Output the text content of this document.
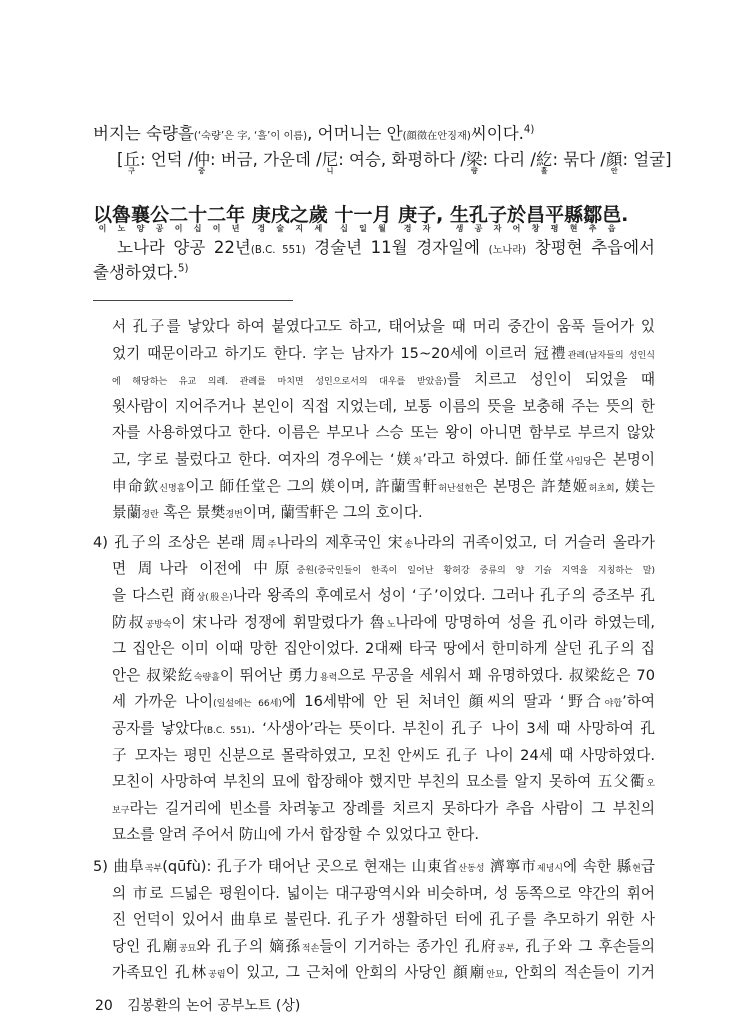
버지는 숙량흘(‘숙량’은 字, ‘흘’이 이름), 어머니는 안(顔徵在안징재)씨이다.$^{4)}$
[丘구: 언덕 /仲중: 버금, 가운데 /尼니: 여승, 화평하다 /梁량: 다리 /紇흘: 묶다 /顔안: 얼굴]
以이魯노襄양公공二이十십二이年년 庚경戌술之지歲세 十십一일月월 庚경子자, 生생孔공子자於어昌창平평縣현鄒추邑읍.
노나라 양공 22년(B.C. 551) 경술년 11월 경자일에 (노나라) 창평현 추읍에서
출생하였다.$^{5)}$
서 孔子를 낳았다 하여 붙였다고도 하고, 태어났을 때 머리 중간이 움푹 들어가 있
었기 때문이라고 하기도 한다. 字는 남자가 15~20세에 이르러 冠禮관례(남자들의 성인식
에 해당하는 유교 의례. 관례를 마치면 성인으로서의 대우를 받았음)를 치르고 성인이 되었을 때
윗사람이 지어주거나 본인이 직접 지었는데, 보통 이름의 뜻을 보충해 주는 뜻의 한
자를 사용하였다고 한다. 이름은 부모나 스승 또는 왕이 아니면 함부로 부르지 않았
고, 字로 불렀다고 한다. 여자의 경우에는 ‘媄차’라고 하였다. 師任堂사임당은 본명이
申命欽신명흠이고 師任堂은 그의 媄이며, 許蘭雪軒허난설헌은 본명은 許楚姬허초희, 媄는
景蘭경란 혹은 景樊경번이며, 蘭雪軒은 그의 호이다.
4) 孔子의 조상은 본래 周주나라의 제후국인 宋송나라의 귀족이었고, 더 거슬러 올라가
면 周나라 이전에 中原중원(중국인들이 한족이 일어난 황허강 중류의 양 기슭 지역을 지칭하는 말)
을 다스린 商상(殷은)나라 왕족의 후예로서 성이 ‘子’이었다. 그러나 孔子의 증조부 孔
防叔공방숙이 宋나라 정쟁에 휘말렸다가 魯노나라에 망명하여 성을 孔이라 하였는데,
그 집안은 이미 이때 망한 집안이었다. 2대째 타국 땅에서 한미하게 살던 孔子의 집
안은 叔梁紇숙량흘이 뛰어난 勇力용력으로 무공을 세워서 꽤 유명하였다. 叔梁紇은 70
세 가까운 나이(일설에는 66세)에 16세밖에 안 된 처녀인 顔씨의 딸과 ‘野合야합’하여
공자를 낳았다(B.C. 551). ‘사생아’라는 뜻이다. 부친이 孔子 나이 3세 때 사망하여 孔
子 모자는 평민 신분으로 몰락하였고, 모친 안씨도 孔子 나이 24세 때 사망하였다.
모친이 사망하여 부친의 묘에 합장해야 했지만 부친의 묘소를 알지 못하여 五父衢오
보구라는 길거리에 빈소를 차려놓고 장례를 치르지 못하다가 추읍 사람이 그 부친의
묘소를 알려 주어서 防山에 가서 합장할 수 있었다고 한다.
5) 曲阜곡부(qūfù): 孔子가 태어난 곳으로 현재는 山東省산동성 濟寧市제녕시에 속한 縣현급
의 市로 드넓은 평원이다. 넓이는 대구광역시와 비슷하며, 성 동쪽으로 약간의 휘어
진 언덕이 있어서 曲阜로 불린다. 孔子가 생활하던 터에 孔子를 추모하기 위한 사
당인 孔廟공묘와 孔子의 嫡孫적손들이 기거하는 종가인 孔府공부, 孔子와 그 후손들의
가족묘인 孔林공림이 있고, 그 근처에 안회의 사당인 顔廟안묘, 안회의 적손들이 기거
20 김봉환의 논어 공부노트 (상)
